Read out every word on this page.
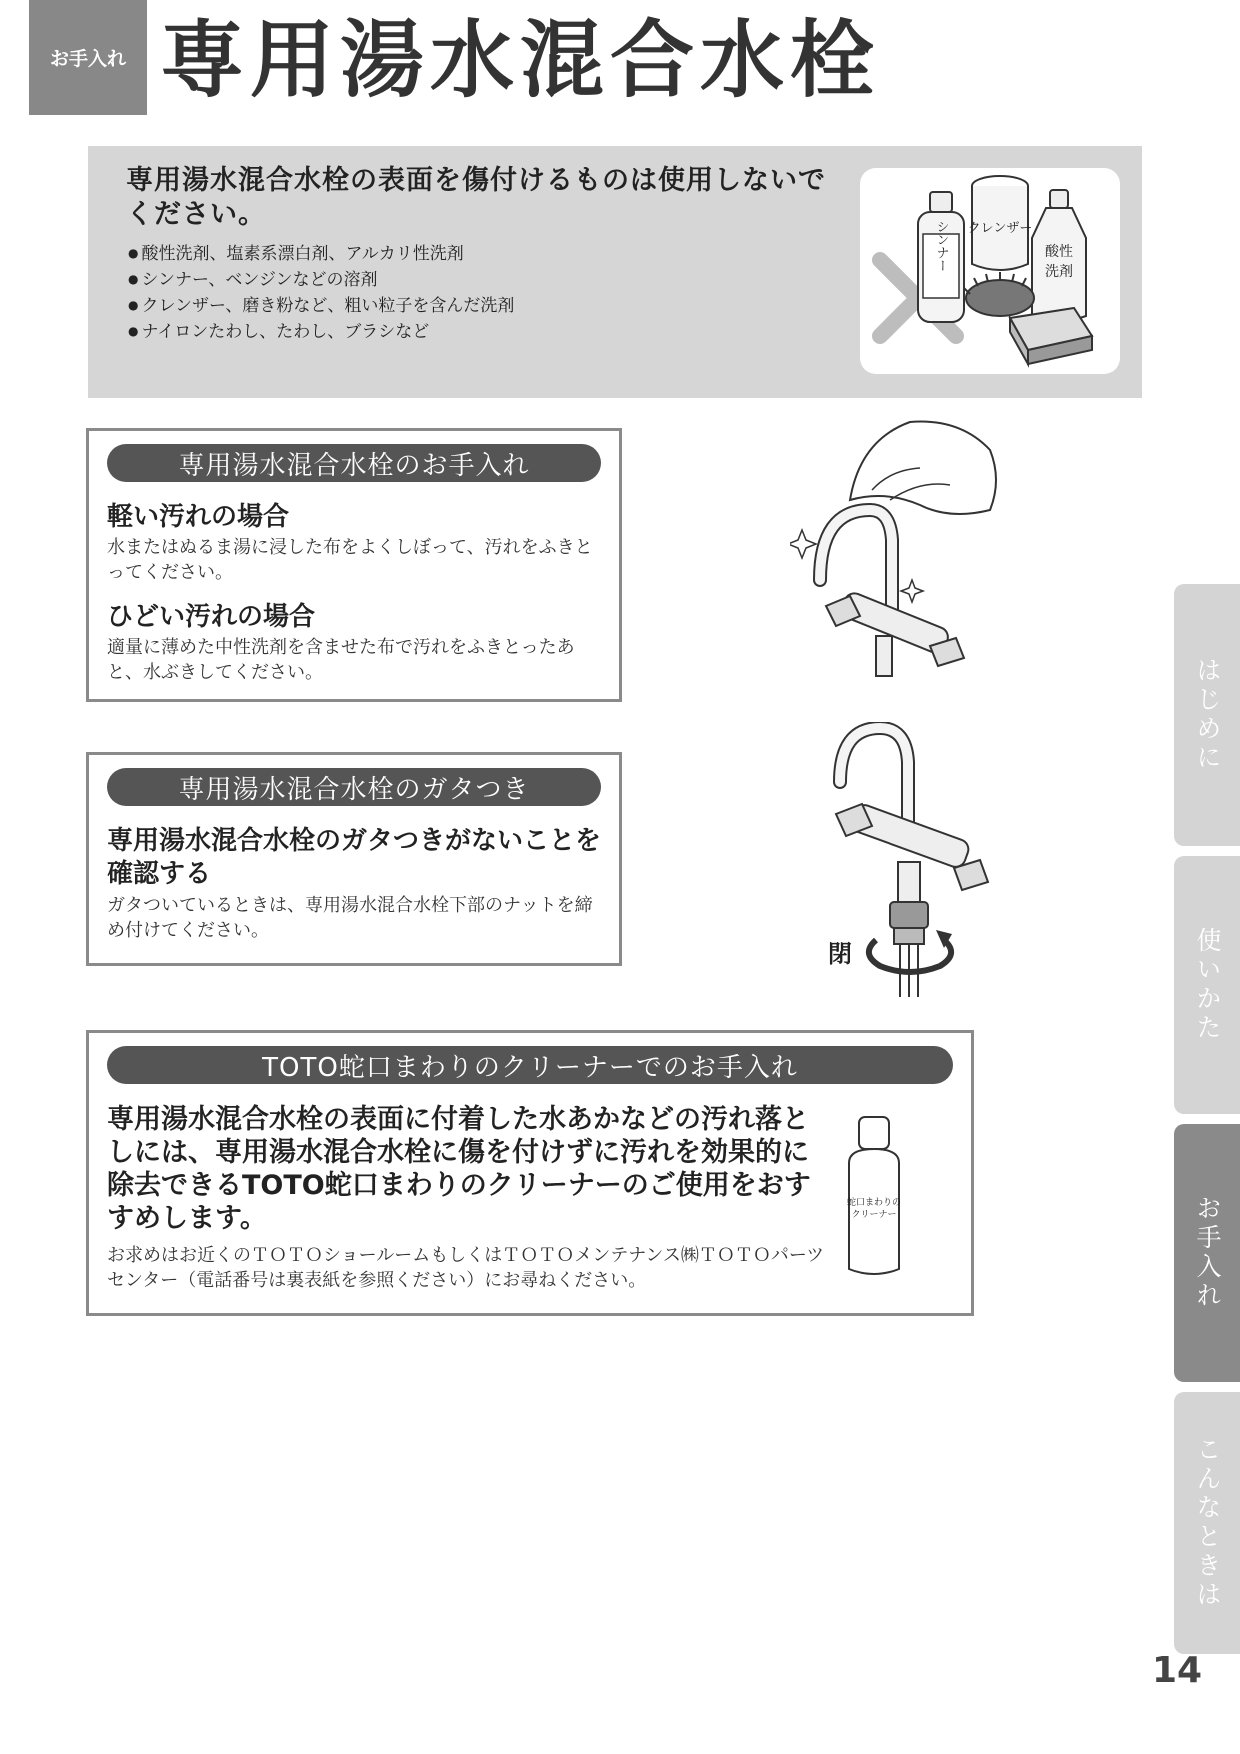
お手入れ 専用湯水混合水栓

専用湯水混合水栓の表面を傷付けるものは使用しないでください。

● 酸性洗剤、塩素系漂白剤、アルカリ性洗剤
● シンナー、ベンジンなどの溶剤
● クレンザー、磨き粉など、粗い粒子を含んだ洗剤
● ナイロンたわし、たわし、ブラシなど
シンナー クレンザー
酸性
洗剤
専用湯水混合水栓のお手入れ

軽い汚れの場合

水またはぬるま湯に浸した布をよくしぼって、汚れをふきとってください。

ひどい汚れの場合

適量に薄めた中性洗剤を含ませた布で汚れをふきとったあと、水ぶきしてください。

専用湯水混合水栓のガタつき

専用湯水混合水栓のガタつきがないことを確認する

ガタついているときは、専用湯水混合水栓下部のナットを締め付けてください。

閉
TOTO蛇口まわりのクリーナーでのお手入れ

専用湯水混合水栓の表面に付着した水あかなどの汚れ落としには、専用湯水混合水栓に傷を付けずに汚れを効果的に除去できるTOTO蛇口まわりのクリーナーのご使用をおすすめします。

お求めはお近くのＴＯＴＯショールームもしくはＴＯＴＯメンテナンス㈱ＴＯＴＯパーツセンター（電話番号は裏表紙を参照ください）にお尋ねください。

蛇口まわりの
クリーナー
はじめに
使いかた
お手入れ
こんなときは
14
